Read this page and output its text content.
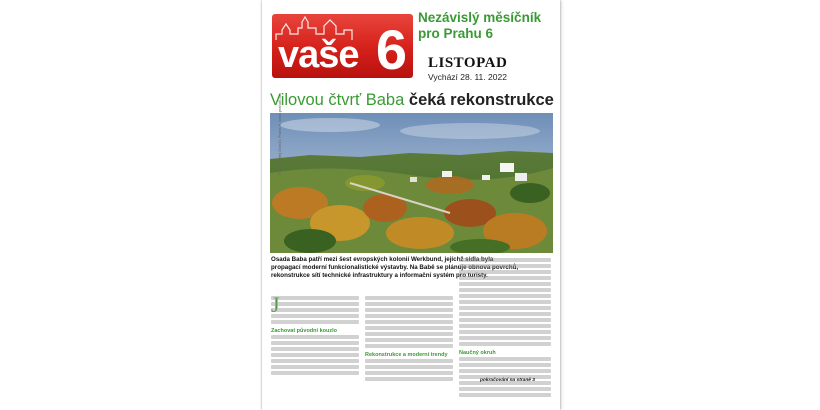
vaše 6
Nezávislý měsíčník
pro Prahu 6
LISTOPAD
Vychází 28. 11. 2022
Vilovou čtvrť Baba čeká rekonstrukce
Foto: Ondřej Doleží, Praha 6, www.praha6.cz
Osada Baba patří mezi šest evropských kolonií Werkbund, jejíchž sídla byla propagací moderní funkcionalistické výstavby. Na Babě se plánuje obnova povrchů, rekonstrukce sítí technické infrastruktury a informační systém pro turisty.
J
Zachovat původní kouzlo
Rekonstrukce a moderní trendy	Naučný okruh
pokračování na straně 3
